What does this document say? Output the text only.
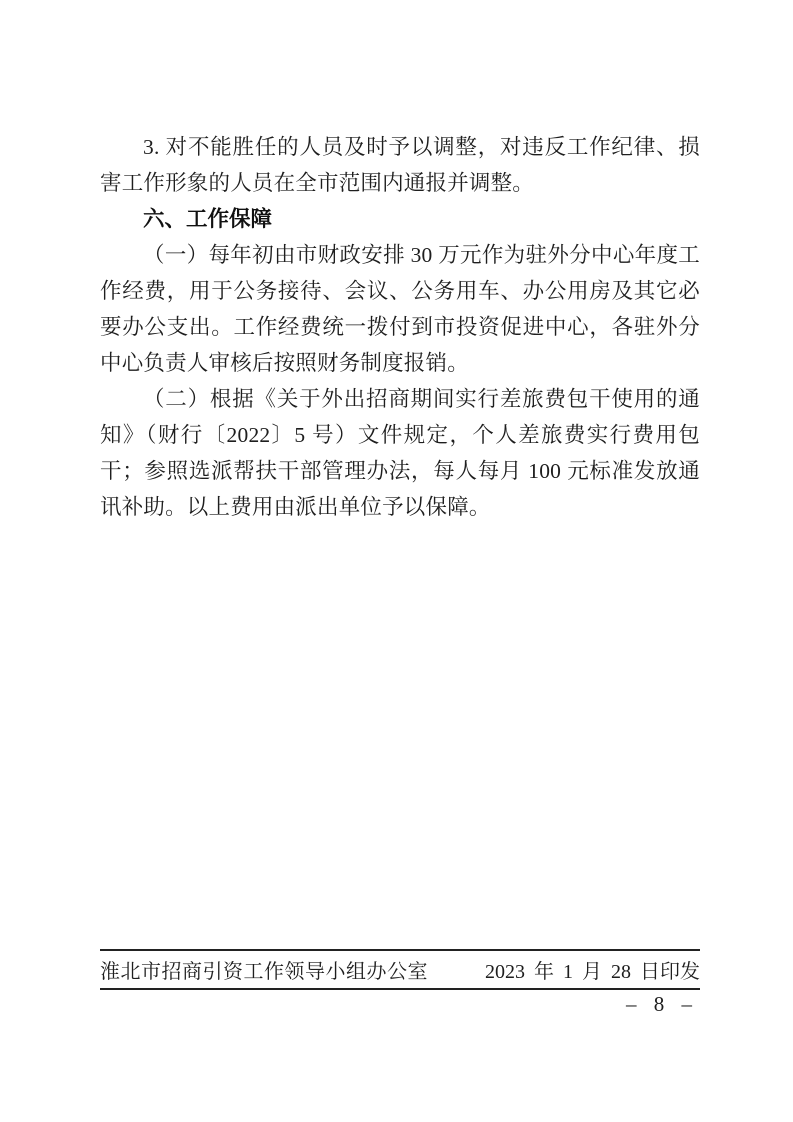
3. 对不能胜任的人员及时予以调整，对违反工作纪律、损害工作形象的人员在全市范围内通报并调整。

六、工作保障

（一）每年初由市财政安排 30 万元作为驻外分中心年度工作经费，用于公务接待、会议、公务用车、办公用房及其它必要办公支出。工作经费统一拨付到市投资促进中心，各驻外分中心负责人审核后按照财务制度报销。

（二）根据《关于外出招商期间实行差旅费包干使用的通知》（财行〔2022〕5 号）文件规定，个人差旅费实行费用包干；参照选派帮扶干部管理办法，每人每月 100 元标准发放通讯补助。以上费用由派出单位予以保障。

淮北市招商引资工作领导小组办公室	2023 年 1 月 28 日印发
– 8 –
